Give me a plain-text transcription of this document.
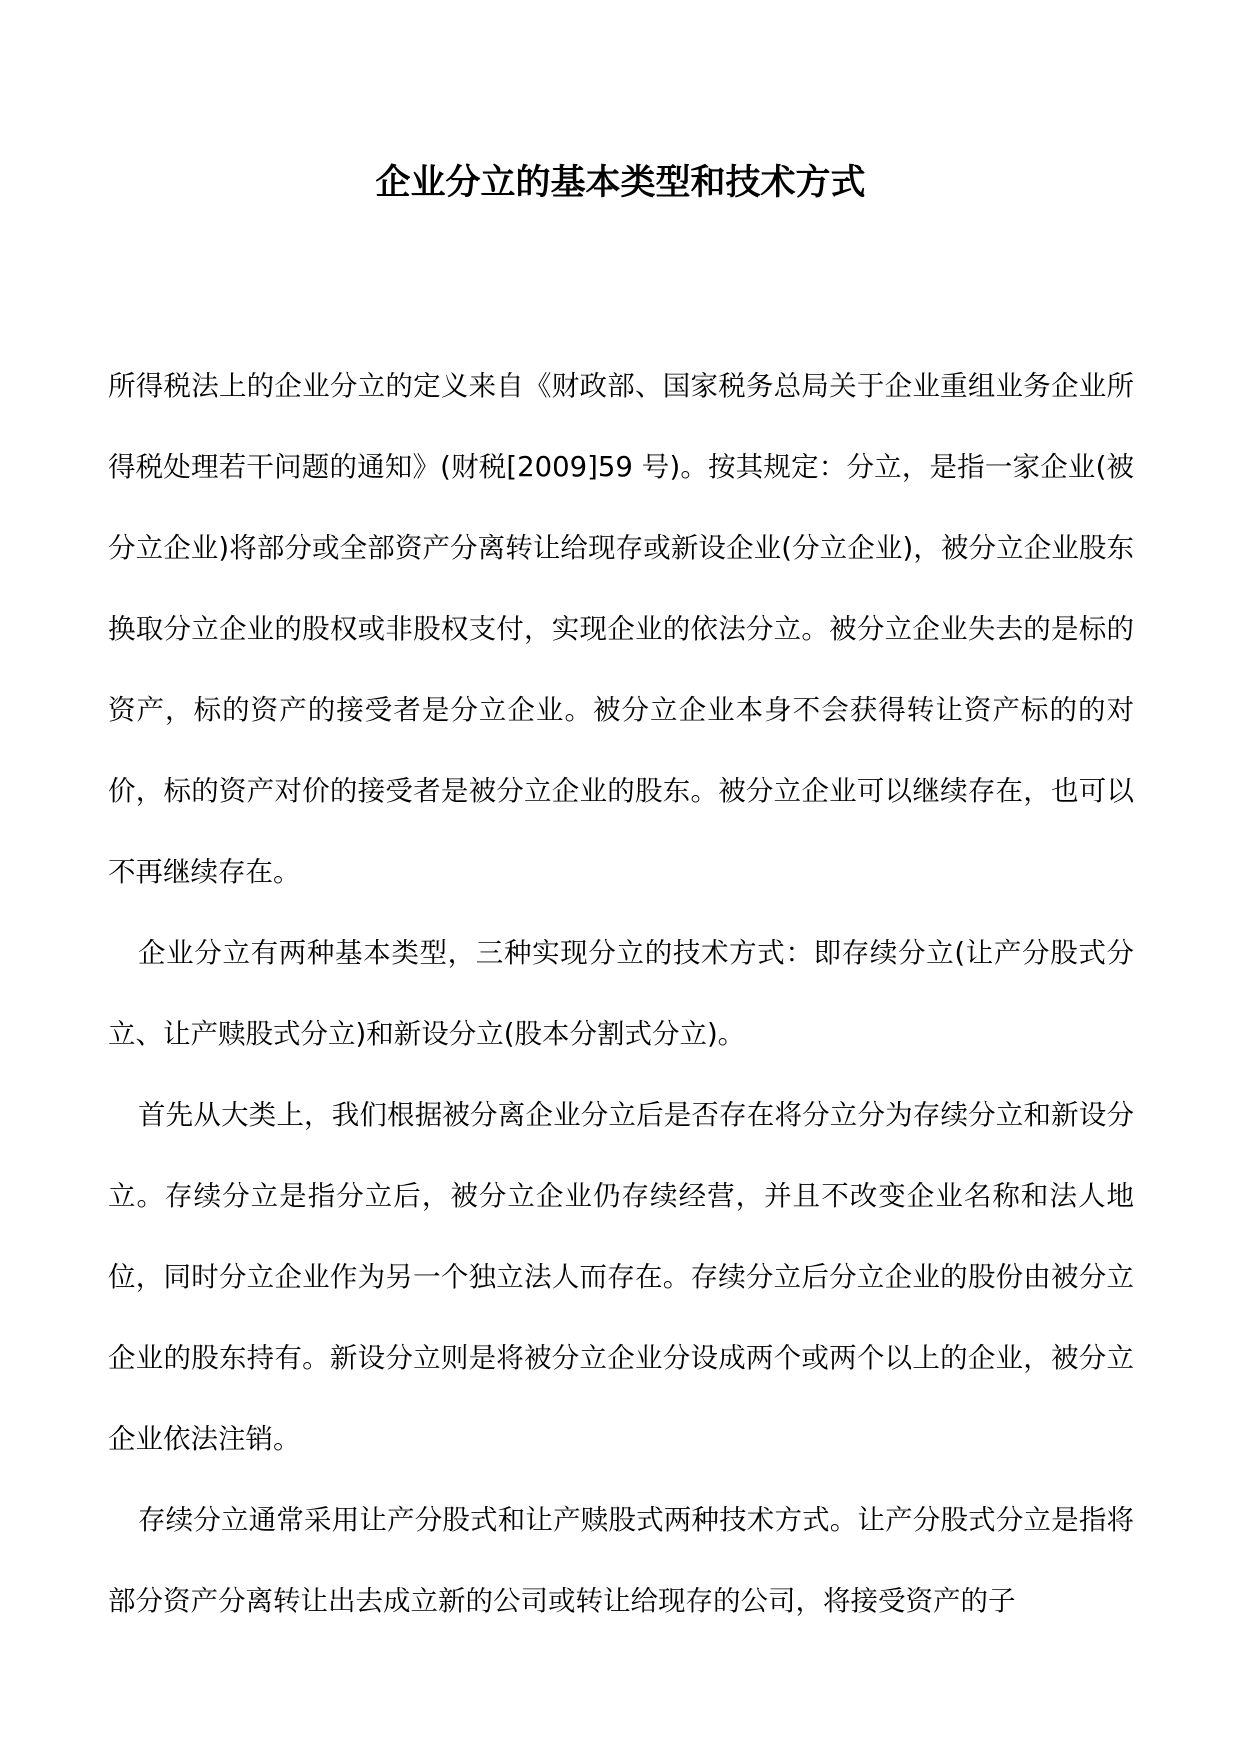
企业分立的基本类型和技术方式

所得税法上的企业分立的定义来自《财政部、国家税务总局关于企业重组业务企业所得税处理若干问题的通知》(财税[2009]59 号)。按其规定：分立，是指一家企业(被分立企业)将部分或全部资产分离转让给现存或新设企业(分立企业)，被分立企业股东换取分立企业的股权或非股权支付，实现企业的依法分立。被分立企业失去的是标的资产，标的资产的接受者是分立企业。被分立企业本身不会获得转让资产标的的对价，标的资产对价的接受者是被分立企业的股东。被分立企业可以继续存在，也可以不再继续存在。

企业分立有两种基本类型，三种实现分立的技术方式：即存续分立(让产分股式分立、让产赎股式分立)和新设分立(股本分割式分立)。

首先从大类上，我们根据被分离企业分立后是否存在将分立分为存续分立和新设分立。存续分立是指分立后，被分立企业仍存续经营，并且不改变企业名称和法人地位，同时分立企业作为另一个独立法人而存在。存续分立后分立企业的股份由被分立企业的股东持有。新设分立则是将被分立企业分设成两个或两个以上的企业，被分立企业依法注销。

存续分立通常采用让产分股式和让产赎股式两种技术方式。让产分股式分立是指将部分资产分离转让出去成立新的公司或转让给现存的公司，将接受资产的子
